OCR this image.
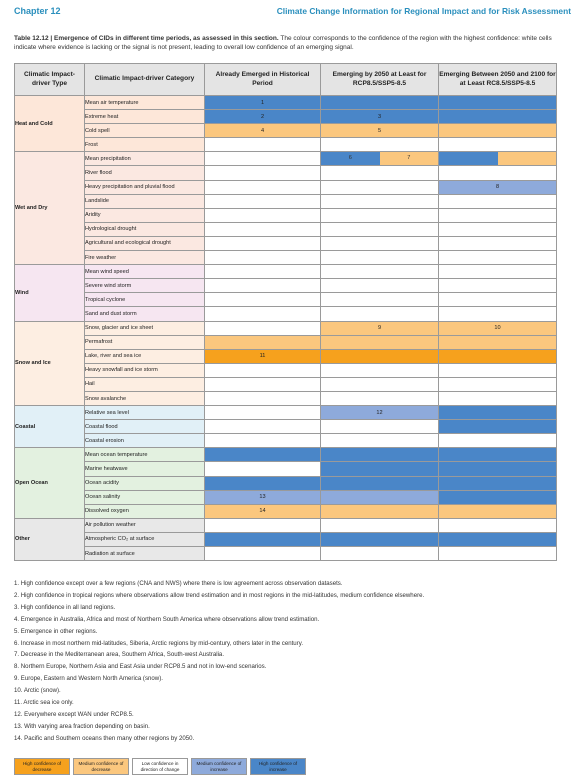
Chapter 12	Climate Change Information for Regional Impact and for Risk Assessment
Table 12.12 | Emergence of CIDs in different time periods, as assessed in this section. The colour corresponds to the confidence of the region with the highest confidence: white cells indicate where evidence is lacking or the signal is not present, leading to overall low confidence of an emerging signal.
Climatic Impact-driver Type	Climatic Impact-driver Category	Already Emerged in Historical Period	Emerging by 2050 at Least for RCP8.5/SSP5-8.5	Emerging Between 2050 and 2100 for at Least RC8.5/SSP5-8.5
Heat and Cold	Mean air temperature	1		
	Extreme heat	2	3	
	Cold spell	4	5	
	Frost			
Wet and Dry	Mean precipitation		6 7	

	River flood			
	Heavy precipitation and pluvial flood			8
	Landslide			
	Aridity			
	Hydrological drought			
	Agricultural and ecological drought			
	Fire weather			
Wind	Mean wind speed			
	Severe wind storm			
	Tropical cyclone			
	Sand and dust storm			
Snow and Ice	Snow, glacier and ice sheet		9	10
	Permafrost			
	Lake, river and sea ice	11		
	Heavy snowfall and ice storm			
	Hail			
	Snow avalanche			
Coastal	Relative sea level		12	
	Coastal flood			
	Coastal erosion			
Open Ocean	Mean ocean temperature			
	Marine heatwave			
	Ocean acidity			
	Ocean salinity	13		
	Dissolved oxygen	14		
Other	Air pollution weather			
	Atmospheric CO₂ at surface			
	Radiation at surface			
1. High confidence except over a few regions (CNA and NWS) where there is low agreement across observation datasets.
2. High confidence in tropical regions where observations allow trend estimation and in most regions in the mid-latitudes, medium confidence elsewhere.
3. High confidence in all land regions.
4. Emergence in Australia, Africa and most of Northern South America where observations allow trend estimation.
5. Emergence in other regions.
6. Increase in most northern mid-latitudes, Siberia, Arctic regions by mid-century, others later in the century.
7. Decrease in the Mediterranean area, Southern Africa, South-west Australia.
8. Northern Europe, Northern Asia and East Asia under RCP8.5 and not in low-end scenarios.
9. Europe, Eastern and Western North America (snow).
10. Arctic (snow).
11. Arctic sea ice only.
12. Everywhere except WAN under RCP8.5.
13. With varying area fraction depending on basin.
14. Pacific and Southern oceans then many other regions by 2050.
High confidence of decrease
Medium confidence of decrease
Low confidence in direction of change
Medium confidence of increase
High confidence of increase
